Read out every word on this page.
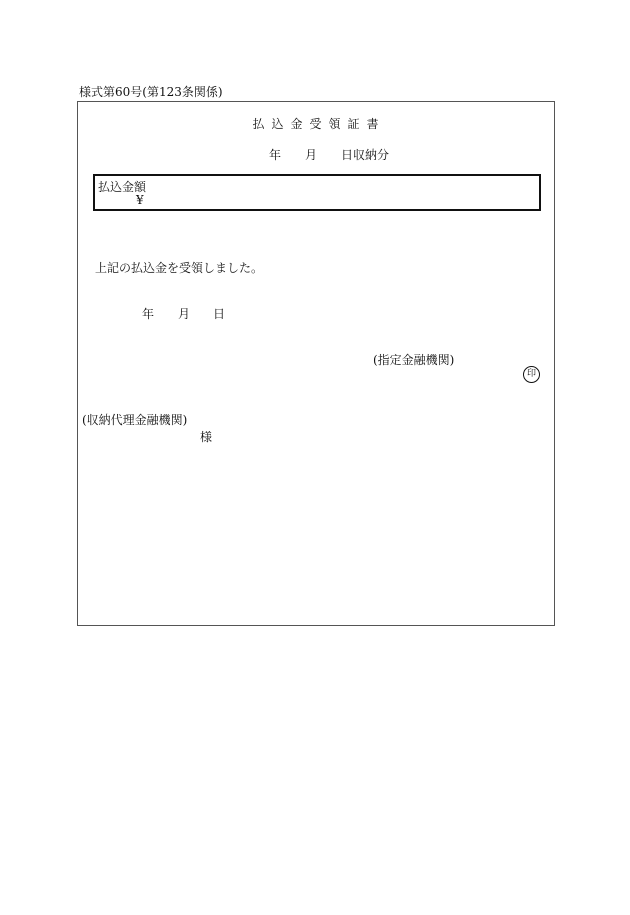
様式第60号(第123条関係)
払込金受領証書
年 月 日収納分
払込金額
¥
上記の払込金を受領しました。
年 月 日
(指定金融機関)
印
(収納代理金融機関)
様
